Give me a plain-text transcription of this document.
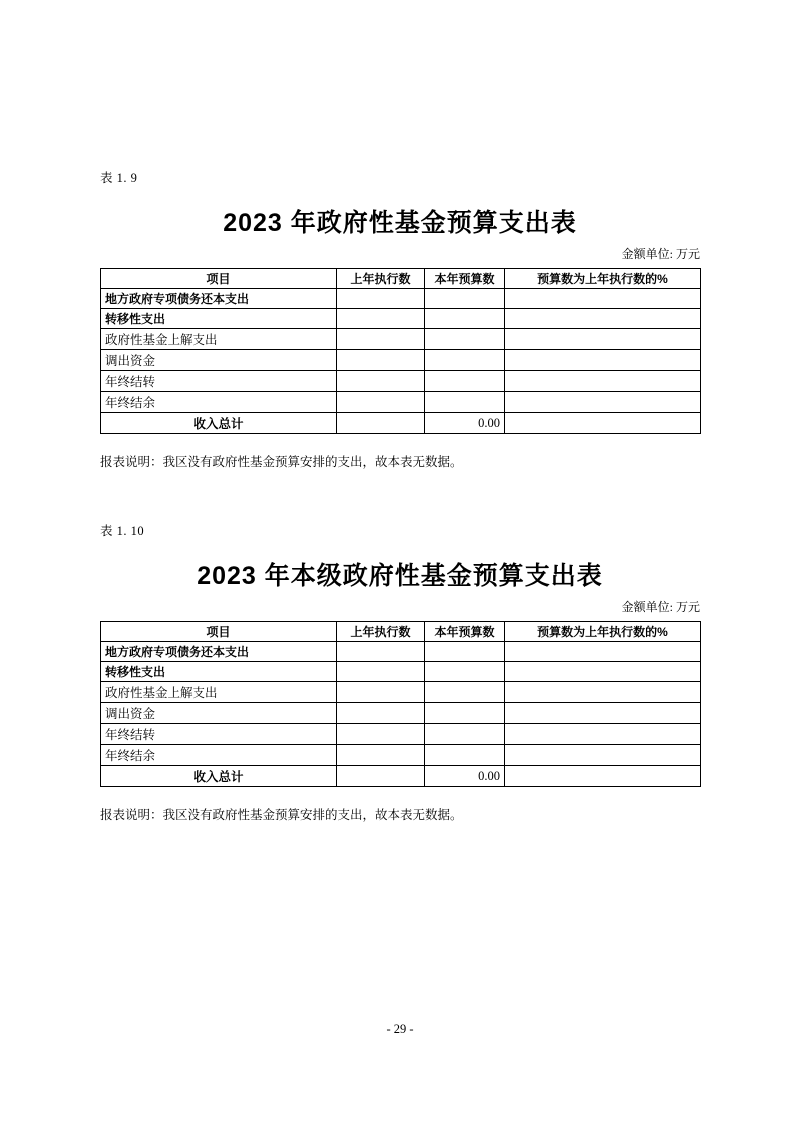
表 1. 9
2023 年政府性基金预算支出表
金额单位: 万元
项目	上年执行数	本年预算数	预算数为上年执行数的%
地方政府专项债务还本支出			
转移性支出			
政府性基金上解支出			
调出资金			
年终结转			
年终结余			
收入总计		0.00	
报表说明：我区没有政府性基金预算安排的支出，故本表无数据。
表 1. 10
2023 年本级政府性基金预算支出表
金额单位: 万元
项目	上年执行数	本年预算数	预算数为上年执行数的%
地方政府专项债务还本支出			
转移性支出			
政府性基金上解支出			
调出资金			
年终结转			
年终结余			
收入总计		0.00	
报表说明：我区没有政府性基金预算安排的支出，故本表无数据。
- 29 -
